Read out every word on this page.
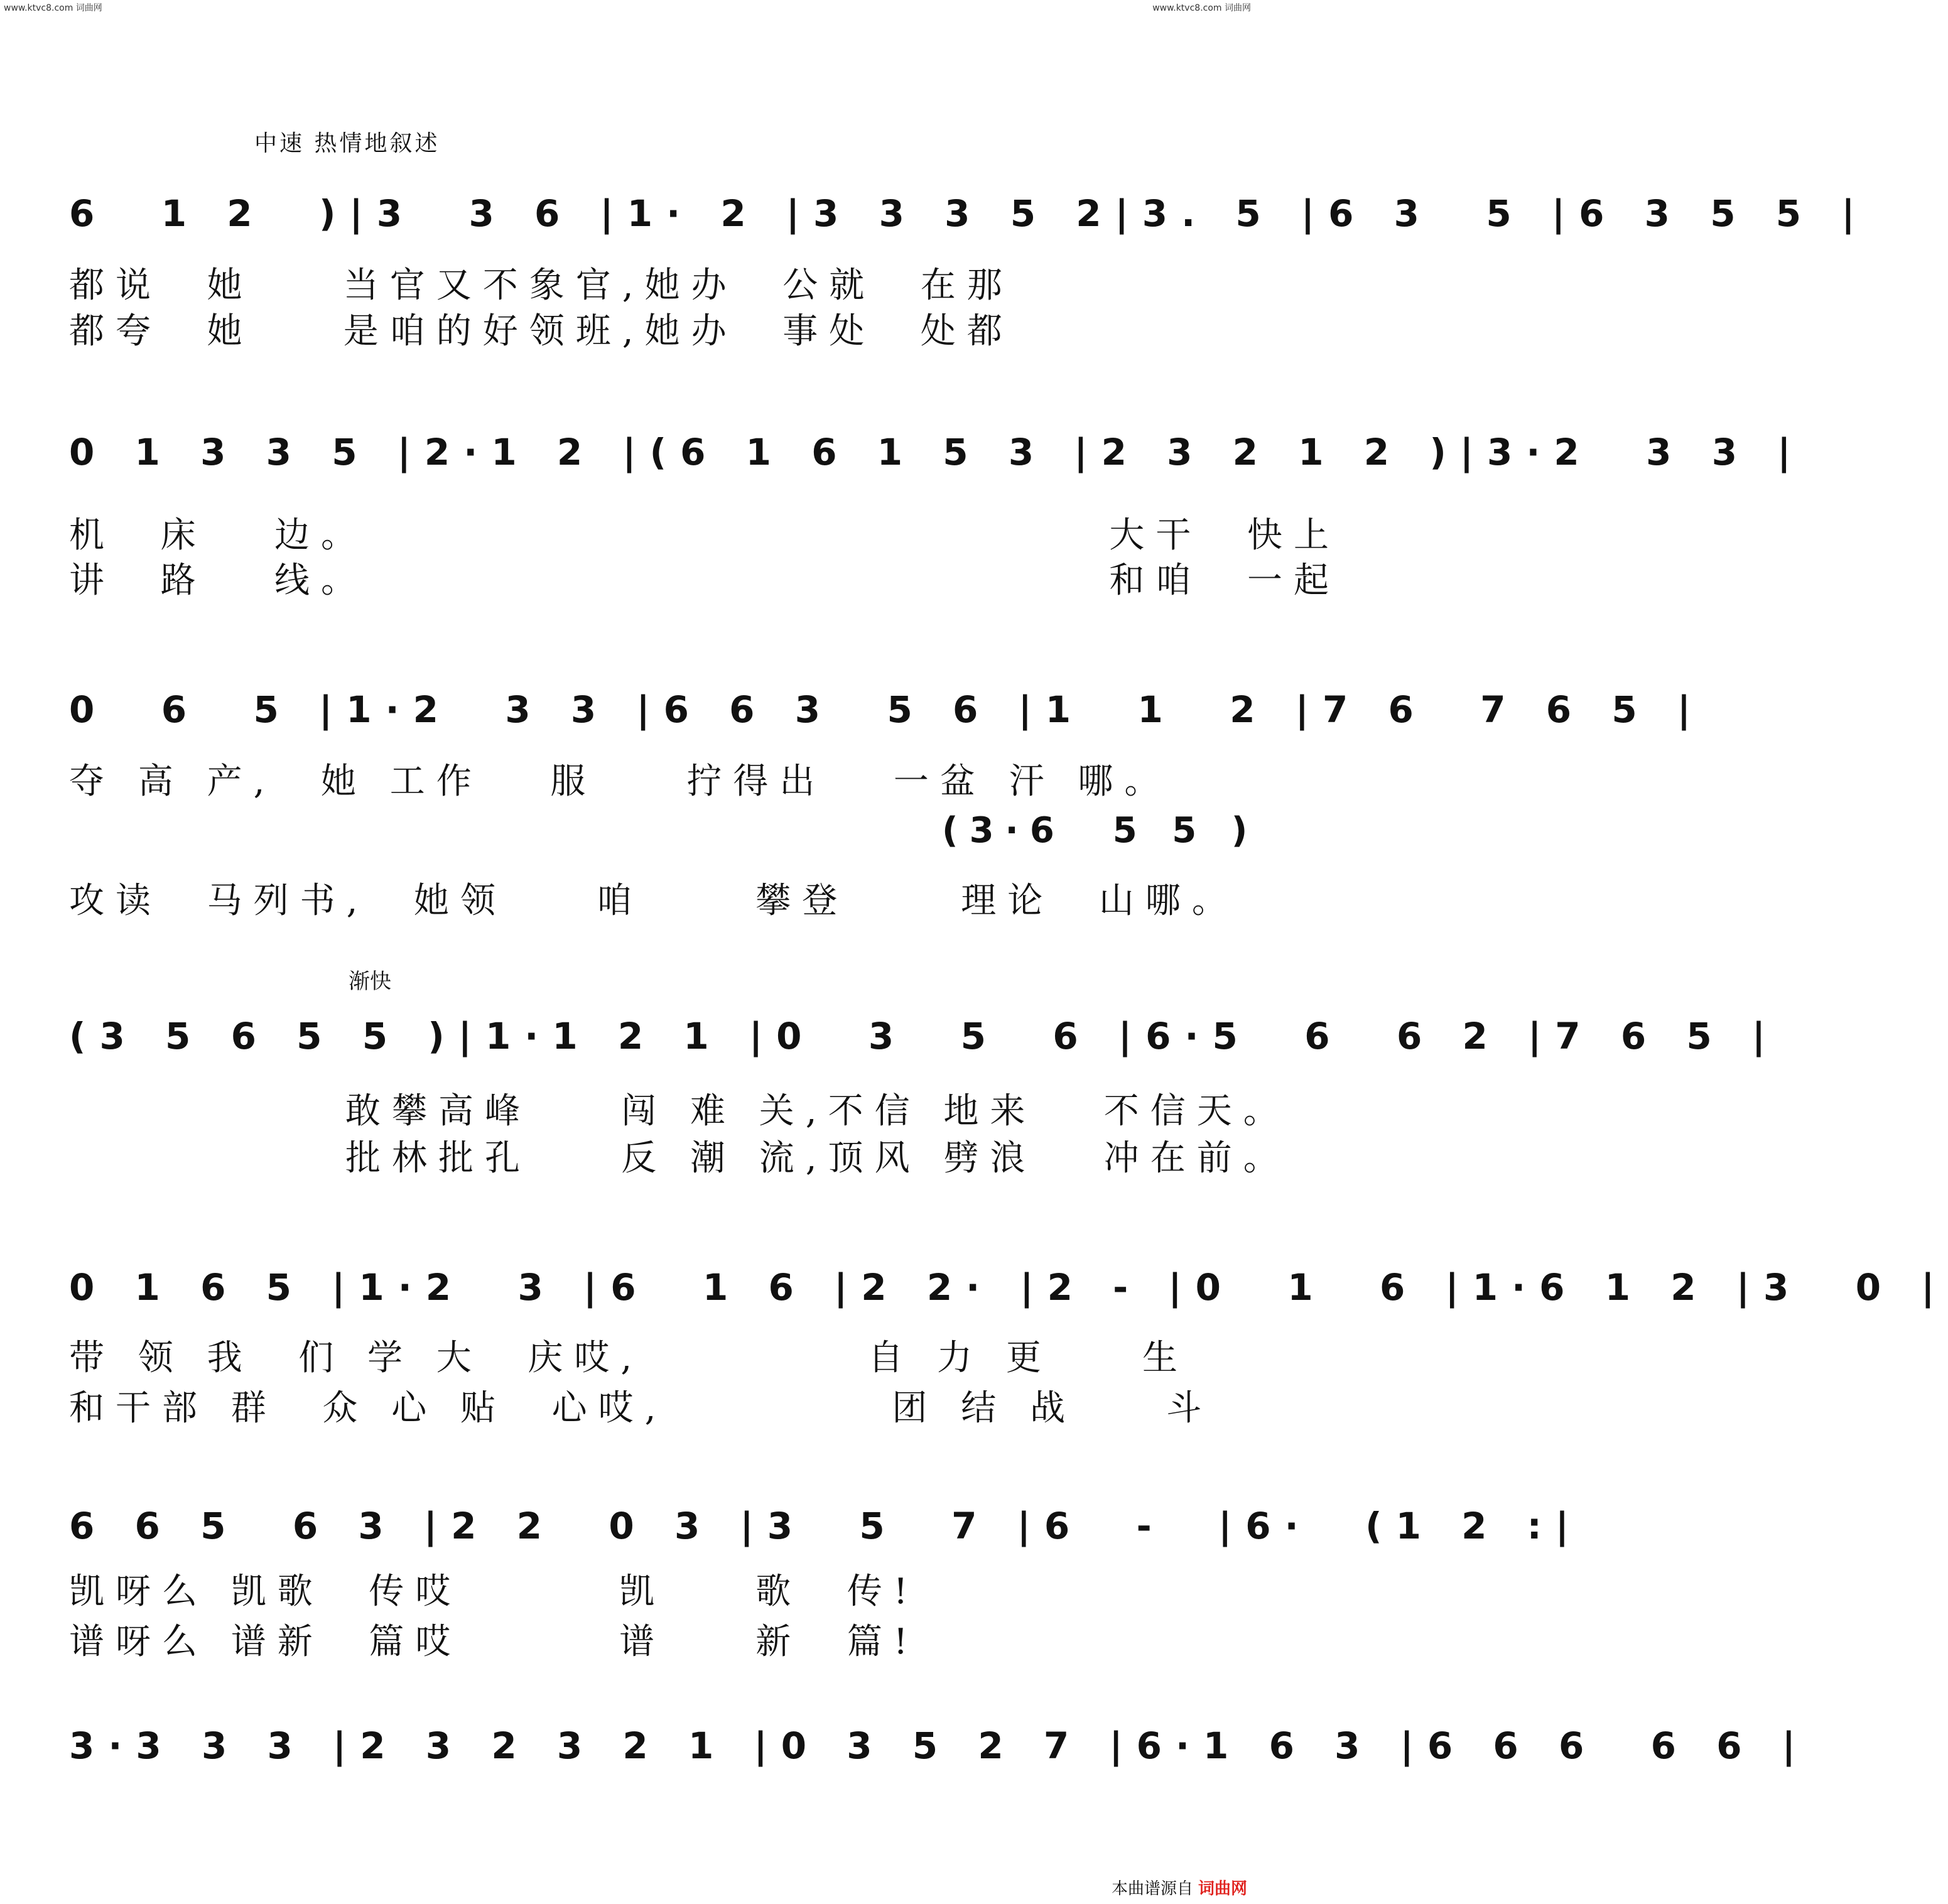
www.ktvc8.com 词曲网	www.ktvc8.com 词曲网
中速 热情地叙述
6  1 2  )|3  3 6 |1· 2 |3 3 3 5 2|3. 5 |6 3  5 |6 3 5 5 |
都说  她    当官又不象官,她办  公就  在那
都夸  她    是咱的好领班,她办  事处  处都
0 1 3 3 5 |2·1 2 |(6 1 6 1 5 3 |2 3 2 1 2 )|3·2  3 3 |
机  床   边。                                 大干  快上
讲  路   线。                                 和咱  一起
0  6  5 |1·2  3 3 |6 6 3  5 6 |1  1  2 |7 6  7 6 5 |
夺 高 产,  她 工作   服    拧得出   一盆 汗 哪。
(3·6  5 5 )
攻读  马列书,  她领    咱     攀登     理论  山哪。
渐快
(3 5 6 5 5 )|1·1 2 1 |0  3  5  6 |6·5  6  6 2 |7 6 5 |
敢攀高峰    闯 难 关,不信 地来   不信天。
批林批孔    反 潮 流,顶风 劈浪   冲在前。
0 1 6 5 |1·2  3 |6  1 6 |2 2· |2 - |0  1  6 |1·6 1 2 |3  0 |
带 领 我  们 学 大  庆哎,          自 力 更    生
和干部 群  众 心 贴  心哎,          团 结 战    斗
6 6 5  6 3 |2 2  0 3 |3  5  7 |6  -  |6·  (1 2 :|
凯呀么 凯歌  传哎       凯    歌  传!
谱呀么 谱新  篇哎       谱    新  篇!
3·3 3 3 |2 3 2 3 2 1 |0 3 5 2 7 |6·1 6 3 |6 6 6  6 6 |
本曲谱源自 词曲网
